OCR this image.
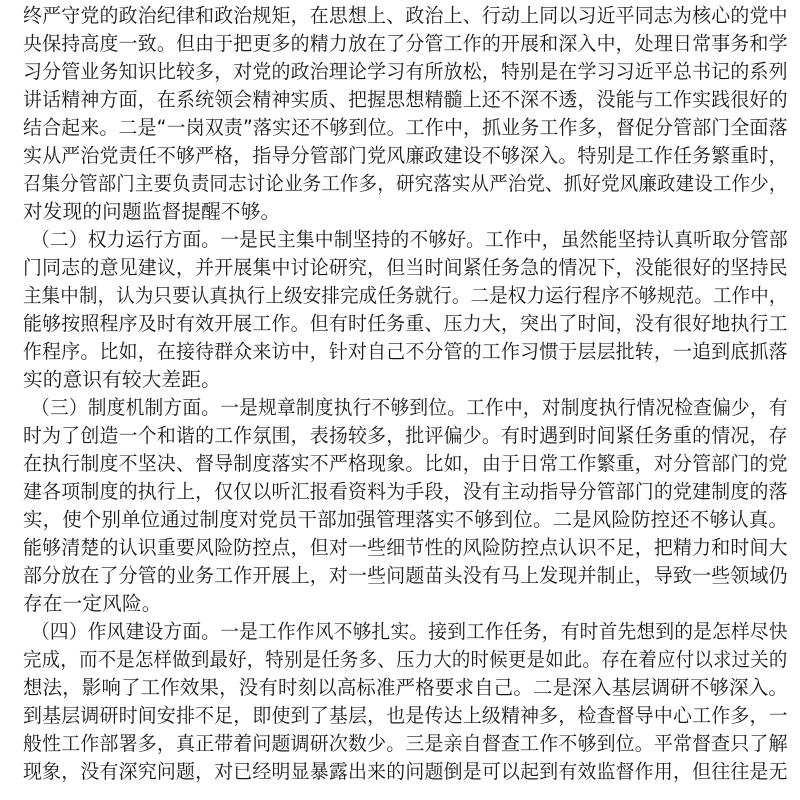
终严守党的政治纪律和政治规矩，在思想上、政治上、行动上同以习近平同志为核心的党中
央保持高度一致。但由于把更多的精力放在了分管工作的开展和深入中，处理日常事务和学
习分管业务知识比较多，对党的政治理论学习有所放松，特别是在学习习近平总书记的系列
讲话精神方面，在系统领会精神实质、把握思想精髓上还不深不透，没能与工作实践很好的
结合起来。二是“一岗双责”落实还不够到位。工作中，抓业务工作多，督促分管部门全面落
实从严治党责任不够严格，指导分管部门党风廉政建设不够深入。特别是工作任务繁重时，
召集分管部门主要负责同志讨论业务工作多，研究落实从严治党、抓好党风廉政建设工作少，
对发现的问题监督提醒不够。
（二）权力运行方面。一是民主集中制坚持的不够好。工作中，虽然能坚持认真听取分管部
门同志的意见建议，并开展集中讨论研究，但当时间紧任务急的情况下，没能很好的坚持民
主集中制，认为只要认真执行上级安排完成任务就行。二是权力运行程序不够规范。工作中，
能够按照程序及时有效开展工作。但有时任务重、压力大，突出了时间，没有很好地执行工
作程序。比如，在接待群众来访中，针对自己不分管的工作习惯于层层批转，一追到底抓落
实的意识有较大差距。
（三）制度机制方面。一是规章制度执行不够到位。工作中，对制度执行情况检查偏少，有
时为了创造一个和谐的工作氛围，表扬较多，批评偏少。有时遇到时间紧任务重的情况，存
在执行制度不坚决、督导制度落实不严格现象。比如，由于日常工作繁重，对分管部门的党
建各项制度的执行上，仅仅以听汇报看资料为手段，没有主动指导分管部门的党建制度的落
实，使个别单位通过制度对党员干部加强管理落实不够到位。二是风险防控还不够认真。
能够清楚的认识重要风险防控点，但对一些细节性的风险防控点认识不足，把精力和时间大
部分放在了分管的业务工作开展上，对一些问题苗头没有马上发现并制止，导致一些领域仍
存在一定风险。
（四）作风建设方面。一是工作作风不够扎实。接到工作任务，有时首先想到的是怎样尽快
完成，而不是怎样做到最好，特别是任务多、压力大的时候更是如此。存在着应付以求过关的
想法，影响了工作效果，没有时刻以高标准严格要求自己。二是深入基层调研不够深入。
到基层调研时间安排不足，即使到了基层，也是传达上级精神多，检查督导中心工作多，一
般性工作部署多，真正带着问题调研次数少。三是亲自督查工作不够到位。平常督查只了解
现象，没有深究问题，对已经明显暴露出来的问题倒是可以起到有效监督作用，但往往是无
